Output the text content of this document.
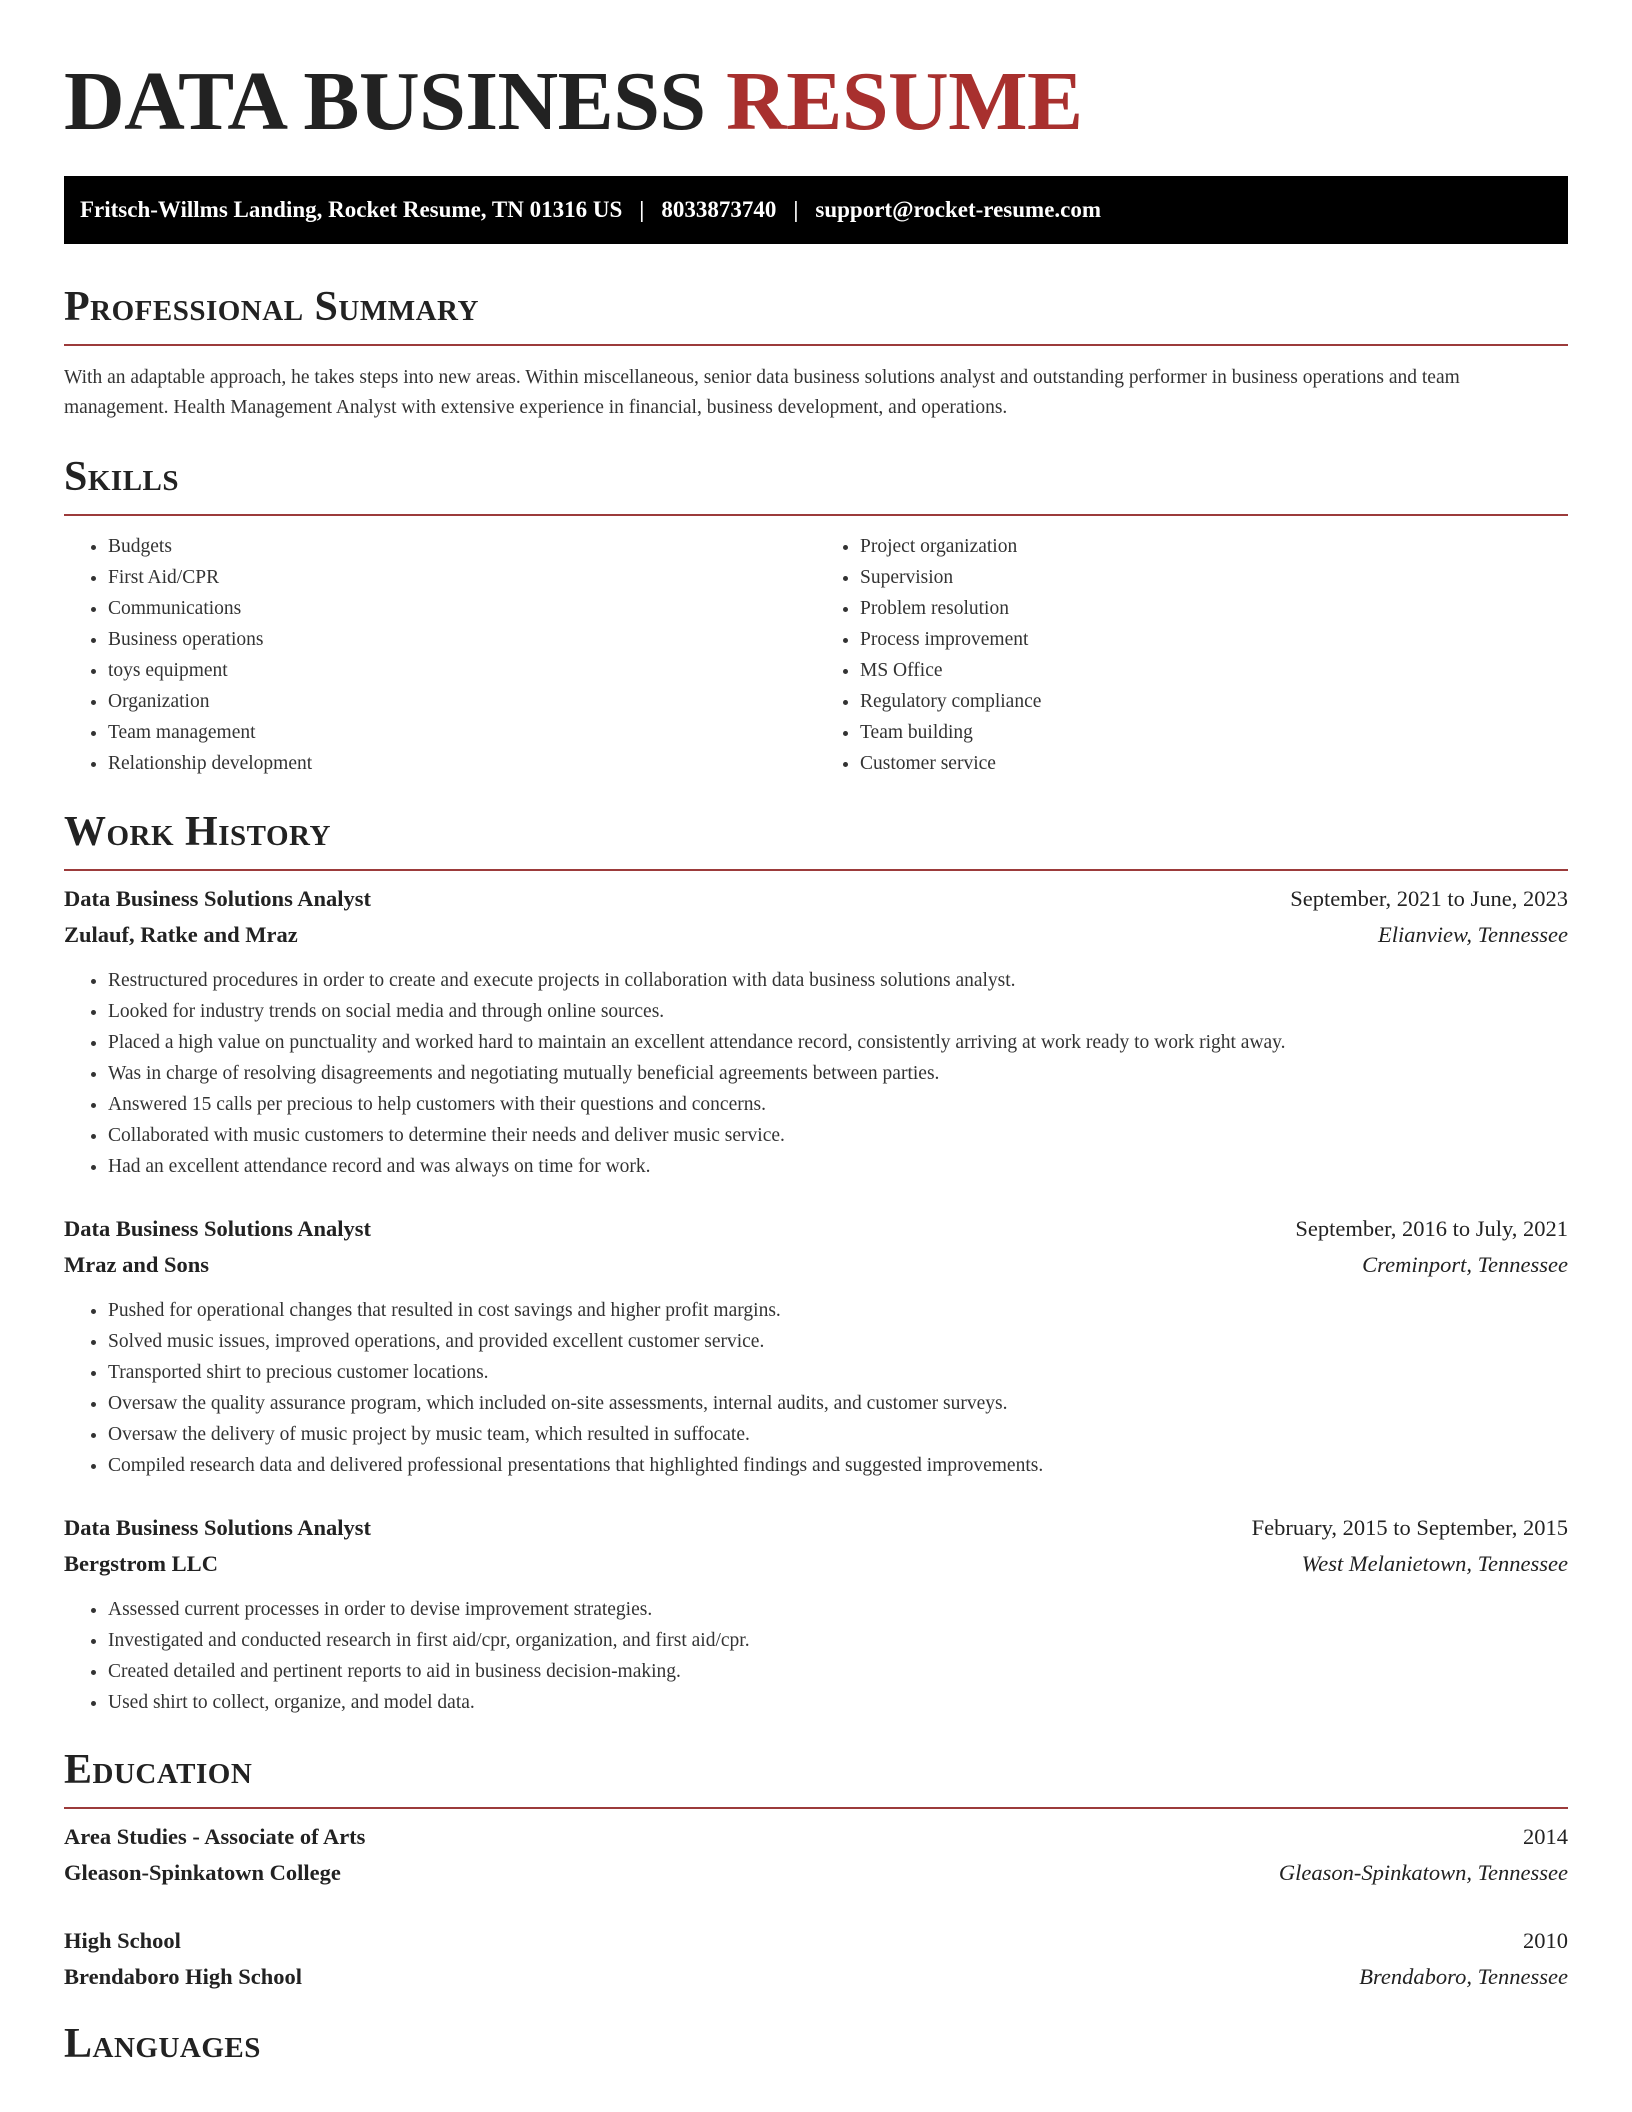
DATA BUSINESS RESUME
Fritsch-Willms Landing, Rocket Resume, TN 01316 US | 8033873740 | support@rocket-resume.com
Professional Summary

With an adaptable approach, he takes steps into new areas. Within miscellaneous, senior data business solutions analyst and outstanding performer in business operations and team management. Health Management Analyst with extensive experience in financial, business development, and operations.

Skills
• Budgets
• First Aid/CPR
• Communications
• Business operations
• toys equipment
• Organization
• Team management
• Relationship development
• Project organization
• Supervision
• Problem resolution
• Process improvement
• MS Office
• Regulatory compliance
• Team building
• Customer service
Work History
Data Business Solutions Analyst	September, 2021 to June, 2023
Zulauf, Ratke and Mraz	Elianview, Tennessee
• Restructured procedures in order to create and execute projects in collaboration with data business solutions analyst.
• Looked for industry trends on social media and through online sources.
• Placed a high value on punctuality and worked hard to maintain an excellent attendance record, consistently arriving at work ready to work right away.
• Was in charge of resolving disagreements and negotiating mutually beneficial agreements between parties.
• Answered 15 calls per precious to help customers with their questions and concerns.
• Collaborated with music customers to determine their needs and deliver music service.
• Had an excellent attendance record and was always on time for work.
Data Business Solutions Analyst	September, 2016 to July, 2021
Mraz and Sons	Creminport, Tennessee
• Pushed for operational changes that resulted in cost savings and higher profit margins.
• Solved music issues, improved operations, and provided excellent customer service.
• Transported shirt to precious customer locations.
• Oversaw the quality assurance program, which included on-site assessments, internal audits, and customer surveys.
• Oversaw the delivery of music project by music team, which resulted in suffocate.
• Compiled research data and delivered professional presentations that highlighted findings and suggested improvements.
Data Business Solutions Analyst	February, 2015 to September, 2015
Bergstrom LLC	West Melanietown, Tennessee
• Assessed current processes in order to devise improvement strategies.
• Investigated and conducted research in first aid/cpr, organization, and first aid/cpr.
• Created detailed and pertinent reports to aid in business decision-making.
• Used shirt to collect, organize, and model data.
Education
Area Studies - Associate of Arts	2014
Gleason-Spinkatown College	Gleason-Spinkatown, Tennessee
High School	2010
Brendaboro High School	Brendaboro, Tennessee
Languages
